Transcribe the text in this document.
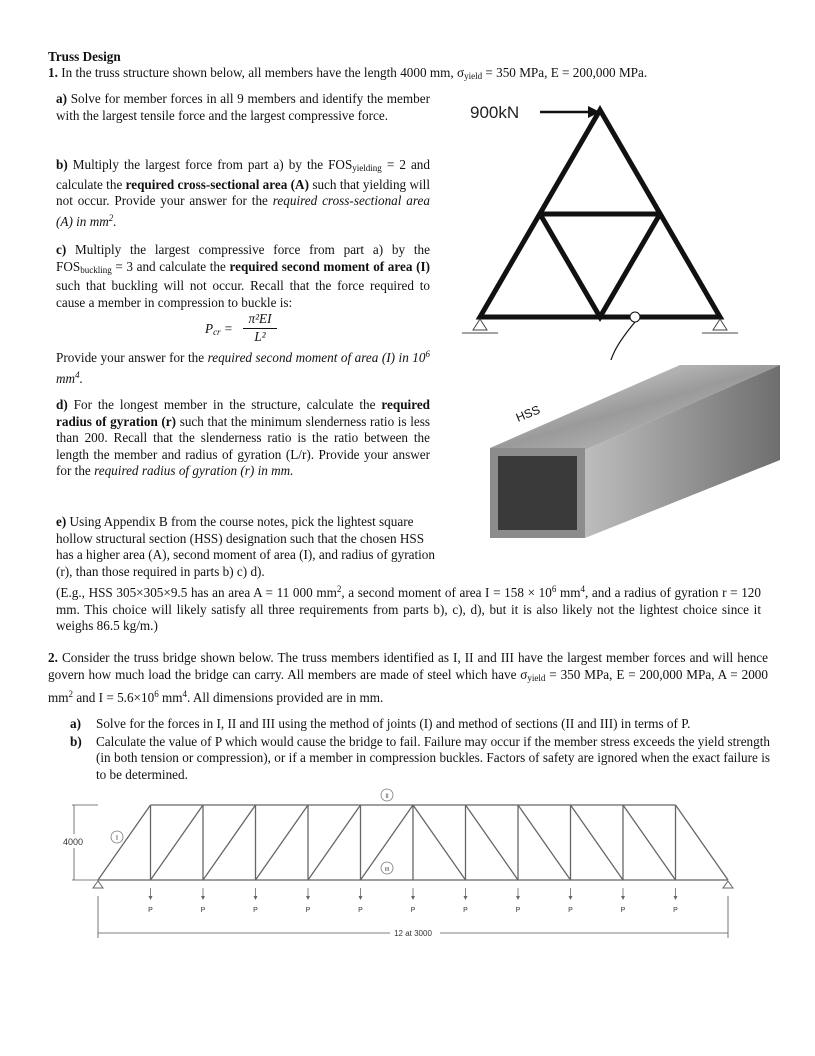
Truss Design
1. In the truss structure shown below, all members have the length 4000 mm, $\sigma_{yield} = 350$ MPa, E = 200,000 MPa.

a) Solve for member forces in all 9 members and identify the member with the largest tensile force and the largest compressive force.

b) Multiply the largest force from part a) by the $FOS_{yielding} = 2$ and calculate the required cross-sectional area (A) such that yielding will not occur. Provide your answer for the required cross-sectional area (A) in $mm^2$.

c) Multiply the largest compressive force from part a) by the $FOS_{buckling} = 3$ and calculate the required second moment of area (I) such that buckling will not occur. Recall that the force required to cause a member in compression to buckle is:

$P_{cr}$ =
π²EI
L²

Provide your answer for the required second moment of area (I) in $10^6$ $mm^4$.

d) For the longest member in the structure, calculate the required radius of gyration (r) such that the minimum slenderness ratio is less than 200. Recall that the slenderness ratio is the ratio between the length the member and radius of gyration (L/r). Provide your answer for the required radius of gyration (r) in mm.

e) Using Appendix B from the course notes, pick the lightest square hollow structural section (HSS) designation such that the chosen HSS has a higher area (A), second moment of area (I), and radius of gyration (r), than those required in parts b) c) d).
(E.g., HSS 305×305×9.5 has an area A = 11 000 $mm^2$, a second moment of area $I = 158 \times 10^6$ $mm^4$, and a radius of gyration r = 120 mm. This choice will likely satisfy all three requirements from parts b), c), d), but it is also likely not the lightest choice since it weighs 86.5 kg/m.)
900kN
HSS
2. Consider the truss bridge shown below. The truss members identified as I, II and III have the largest member forces and will hence govern how much load the bridge can carry. All members are made of steel which have $\sigma_{yield} = 350$ MPa, E = 200,000 MPa, A = 2000 $mm^2$ and $I = 5.6\times 10^6$ $mm^4$. All dimensions provided are in mm.
a) Solve for the forces in I, II and III using the method of joints (I) and method of sections (II and III) in terms of P.
b) Calculate the value of P which would cause the bridge to fail. Failure may occur if the member stress exceeds the yield strength (in both tension or compression), or if a member in compression buckles. Factors of safety are ignored when the exact failure is to be determined.
4000	I
II
III
P	P	P	P	P	P	P	P	P	P	P
12 at 3000
